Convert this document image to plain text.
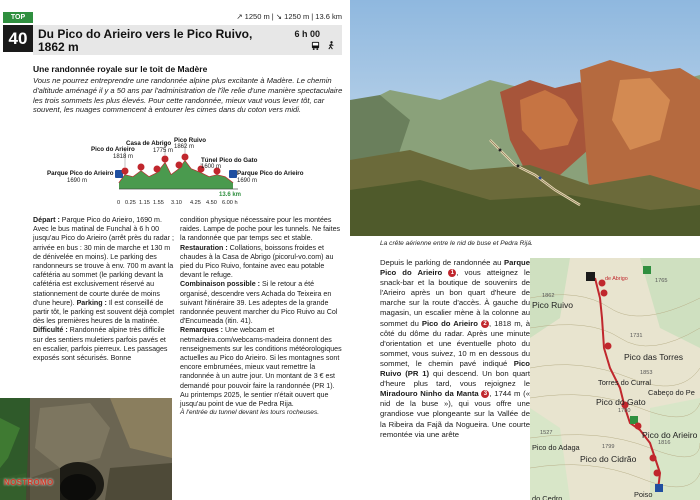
TOP
40
↗ 1250 m | ↘ 1250 m | 13.6 km
Du Pico do Arieiro vers le Pico Ruivo, 1862 m
6 h 00
Une randonnée royale sur le toit de Madère
Vous ne pourrez entreprendre une randonnée alpine plus excitante à Madère. Le chemin d'altitude aménagé il y a 50 ans par l'administration de l'île relie d'une manière spectaculaire les trois sommets les plus élevés. Pour cette randonnée, mieux vaut vous lever tôt, car souvent, les nuages commencent à entourer les cimes dans du coton vers midi.
Casa de Abrigo
1775 m
Pico Ruivo
1862 m
Pico do Arieiro
1818 m	Túnel Pico do Gato
1600 m
Parque Pico do Arieiro
1690 m
Parque Pico do Arieiro
1690 m
13.6 km
0 0.25 1.15 1.55 3.10 4.25 4.50 6.00 h

Départ : Parque Pico do Arieiro, 1690 m. Avec le bus matinal de Funchal à 6 h 00 jusqu'au Pico do Arieiro (arrêt près du radar ; arrivée en bus : 30 min de marche et 130 m de dénivelée en moins). Le parking des randonneurs se trouve à env. 700 m avant la cafétéria au sommet (le parking devant la cafétéria est exclusivement réservé au stationnement de courte durée de moins d'une heure). Parking : Il est conseillé de partir tôt, le parking est souvent déjà complet dès les premières heures de la matinée.

Difficulté : Randonnée alpine très difficile sur des sentiers muletiers parfois pavés et en escalier, parfois pierreux. Les passages exposés sont sécurisés. Bonne

condition physique nécessaire pour les montées raides. Lampe de poche pour les tunnels. Ne faites la randonnée que par temps sec et stable.

Restauration : Collations, boissons froides et chaudes à la Casa de Abrigo (picorul-vo.com) au pied du Pico Ruivo, fontaine avec eau potable devant le refuge.

Combinaison possible : Si le retour a été organisé, descendre vers Achada do Teixeira en suivant l'itinéraire 39. Les adeptes de la grande randonnée peuvent marcher du Pico Ruivo au Col d'Encumeada (itin. 41).

Remarques : Une webcam et netmadeira.com/webcams-madeira donnent des renseignements sur les conditions météorologiques actuelles au Pico do Arieiro. Si les montagnes sont encore embrumées, mieux vaut remettre la randonnée à un autre jour. Un montant de 3 € est demandé pour pouvoir faire la randonnée (PR 1). Au printemps 2025, le sentier n'était ouvert que jusqu'au point de vue de Pedra Rija.

À l'entrée du tunnel devant les tours rocheuses.

NOSTROMO
La crête aérienne entre le nid de buse et Pedra Rijá.
Depuis le parking de randonnée au Parque Pico do Arieiro 1 , vous atteignez le snack-bar et la boutique de souvenirs de l'Arieiro après un bon quart d'heure de marche sur la route d'accès. À gauche du magasin, un escalier mène à la colonne au sommet du Pico do Arieiro 2 , 1818 m, à côté du dôme du radar. Après une minute d'orientation et une éventuelle photo du sommet, vous suivez, 10 m en dessous du sommet, le chemin pavé indiqué Pico Ruivo (PR 1) qui descend. Un bon quart d'heure plus tard, vous rejoignez le Miradouro Ninho da Manta 3 , 1744 m (« nid de la buse »), qui vous offre une grandiose vue plongeante sur la Vallée de la Ribeira da Fajã da Nogueira. Une courte remontée via une arête
Pico Ruivo
Pico das Torres
Torres do Curral
Pico do Gato
Pico do Cidrão
Pico do Arieiro
Pico do Adaga
Cabeço do Pe
Poiso
de Abrigo
do Cedro
1862
1765
1731
1853
1780
1816
1799
1527
